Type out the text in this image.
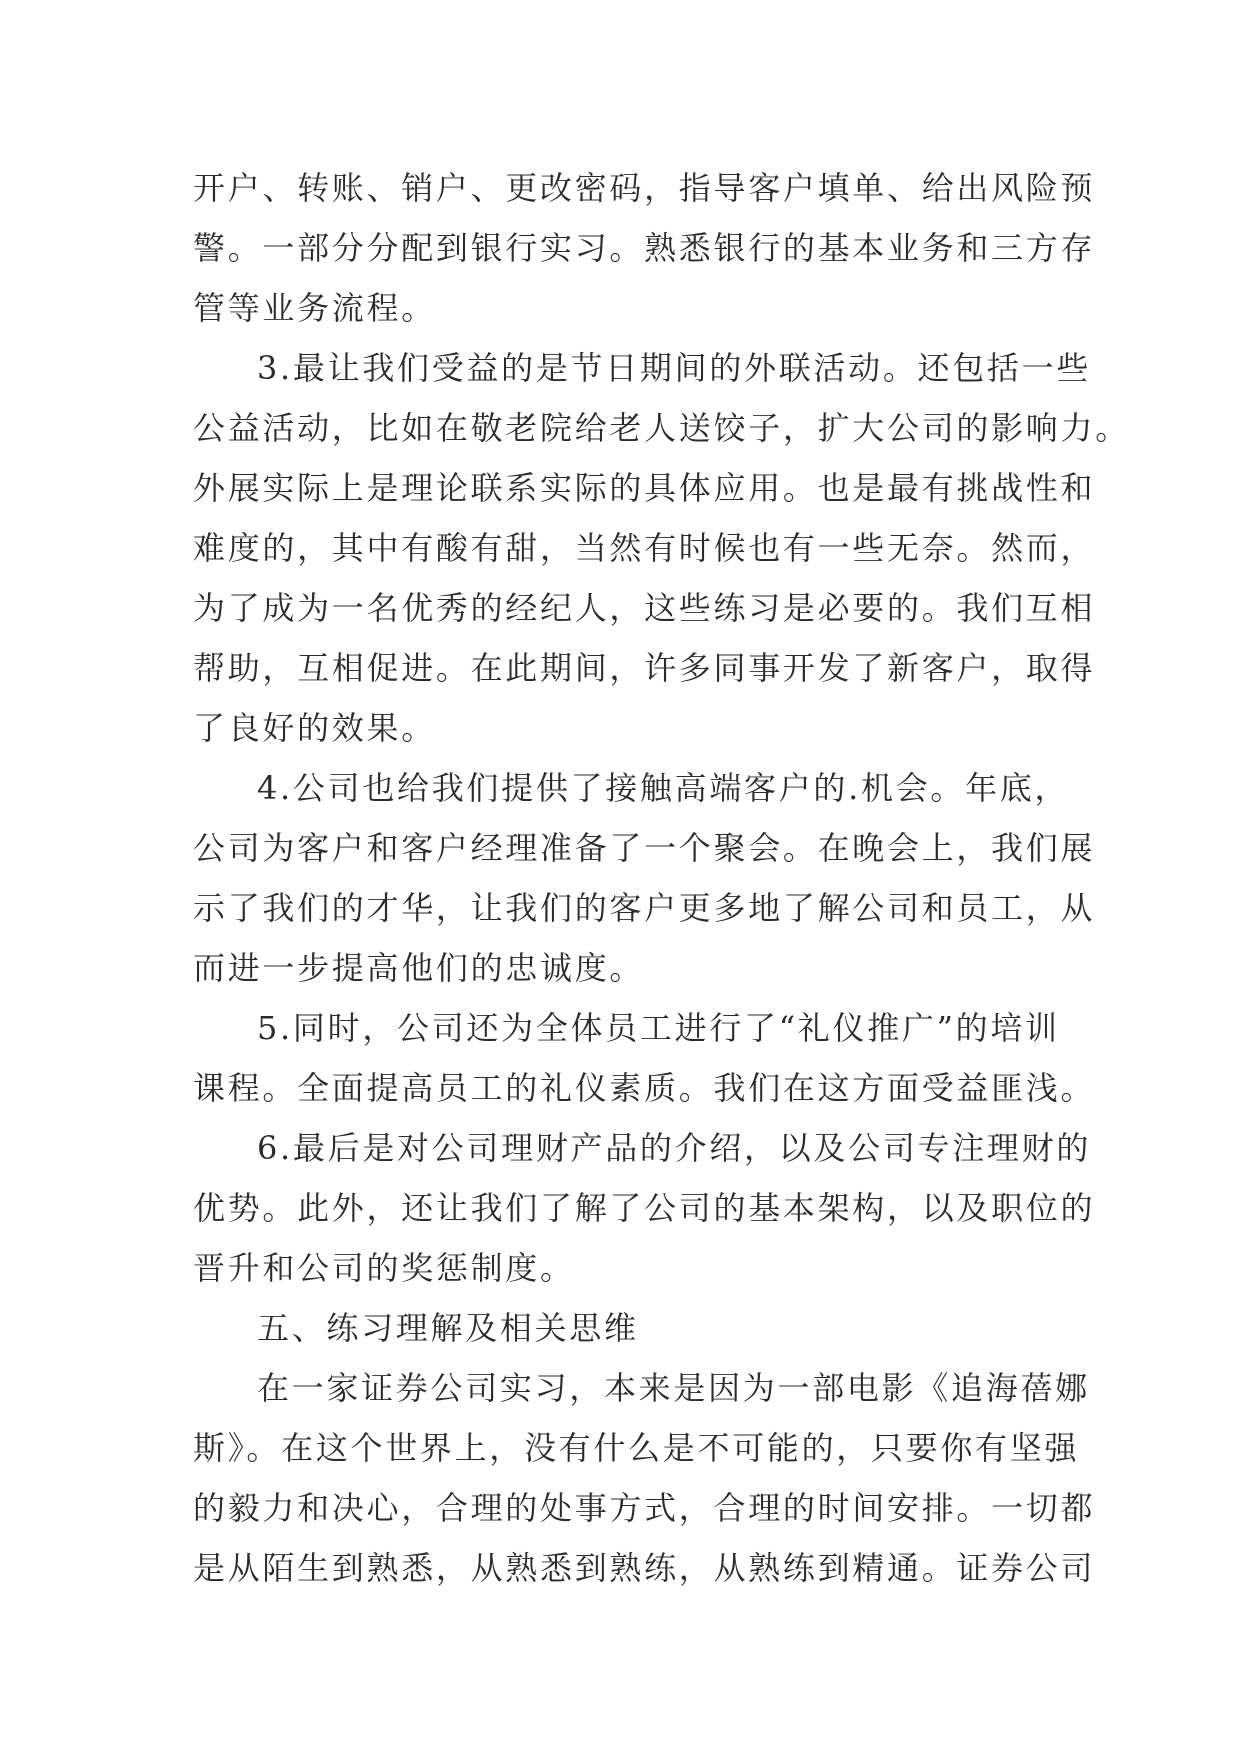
开户、转账、销户、更改密码，指导客户填单、给出风险预
警。一部分分配到银行实习。熟悉银行的基本业务和三方存
管等业务流程。
3.最让我们受益的是节日期间的外联活动。还包括一些
公益活动，比如在敬老院给老人送饺子，扩大公司的影响力。
外展实际上是理论联系实际的具体应用。也是最有挑战性和
难度的，其中有酸有甜，当然有时候也有一些无奈。然而，
为了成为一名优秀的经纪人，这些练习是必要的。我们互相
帮助，互相促进。在此期间，许多同事开发了新客户，取得
了良好的效果。
4.公司也给我们提供了接触高端客户的.机会。年底，
公司为客户和客户经理准备了一个聚会。在晚会上，我们展
示了我们的才华，让我们的客户更多地了解公司和员工，从
而进一步提高他们的忠诚度。
5.同时，公司还为全体员工进行了“礼仪推广”的培训
课程。全面提高员工的礼仪素质。我们在这方面受益匪浅。
6.最后是对公司理财产品的介绍，以及公司专注理财的
优势。此外，还让我们了解了公司的基本架构，以及职位的
晋升和公司的奖惩制度。
五、练习理解及相关思维
在一家证券公司实习，本来是因为一部电影《追海蓓娜
斯》。在这个世界上，没有什么是不可能的，只要你有坚强
的毅力和决心，合理的处事方式，合理的时间安排。一切都
是从陌生到熟悉，从熟悉到熟练，从熟练到精通。证券公司
